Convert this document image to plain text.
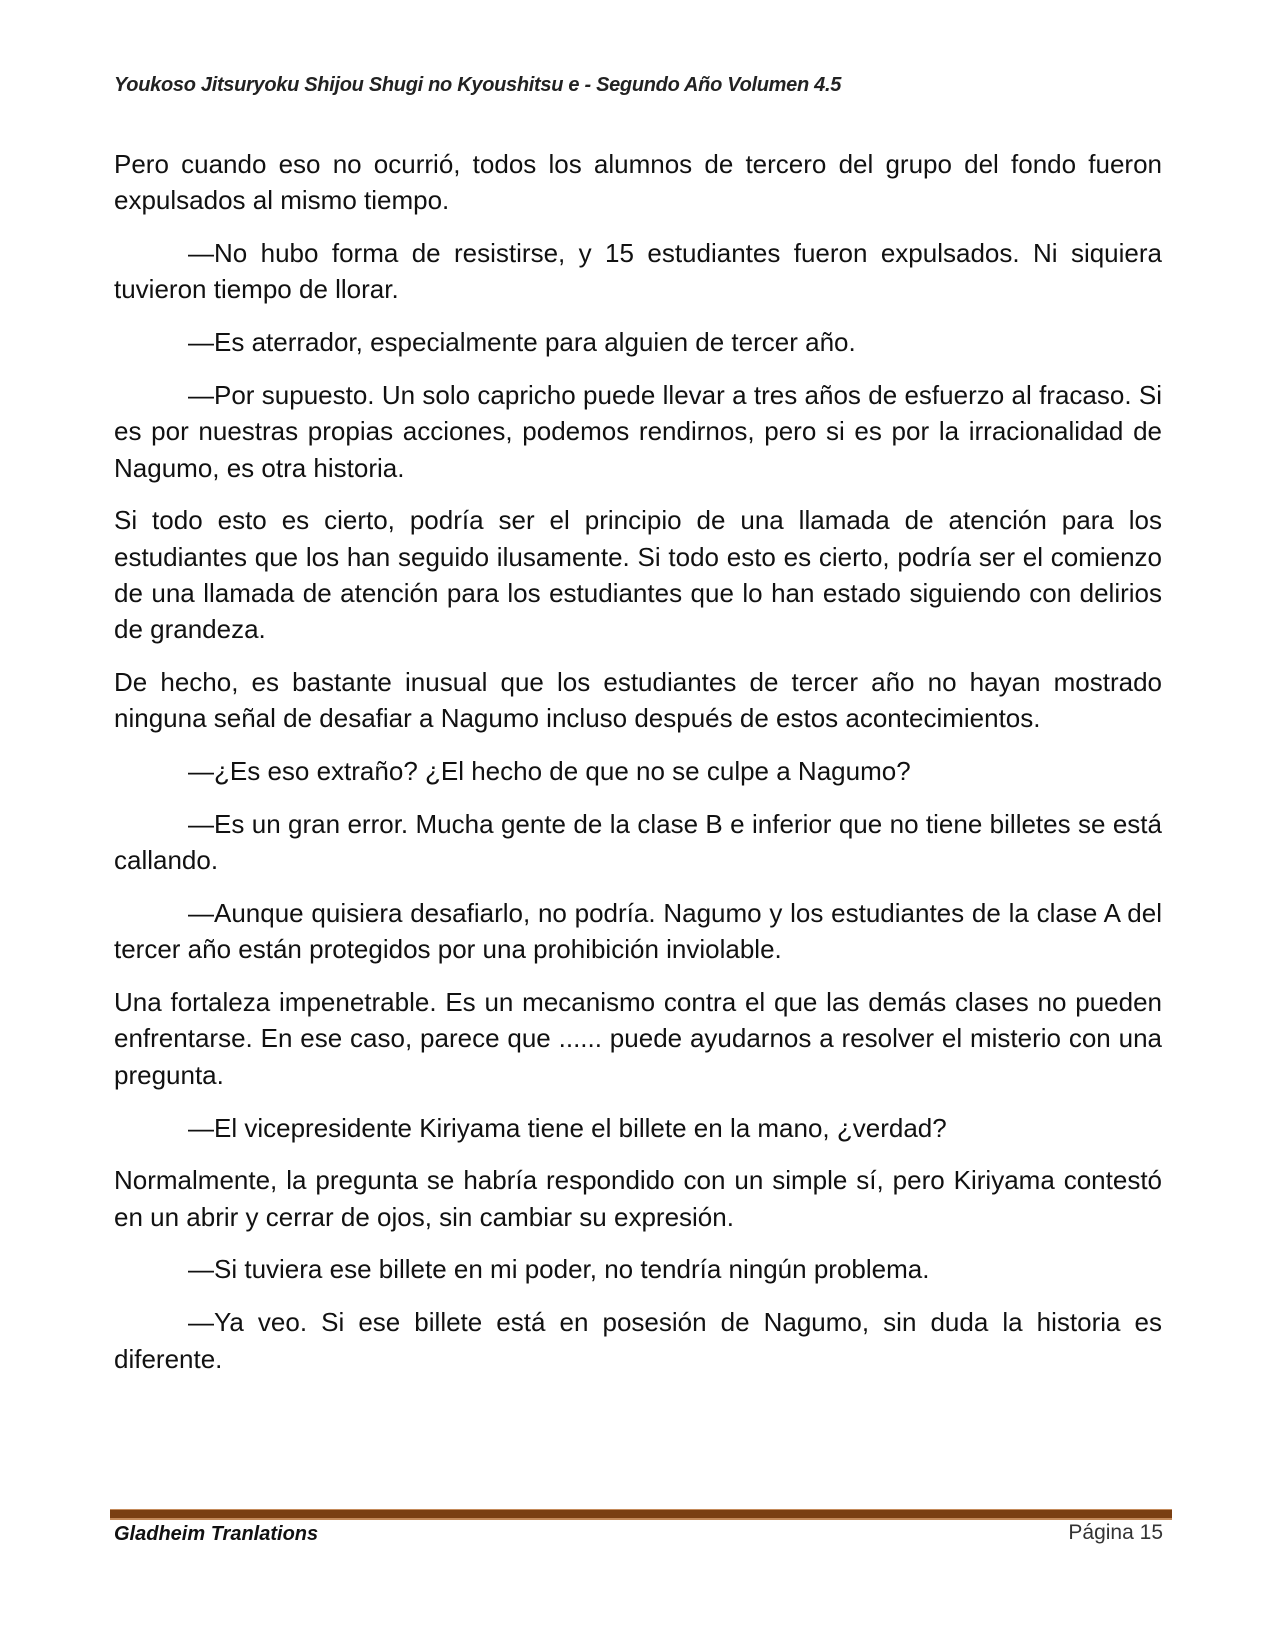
Youkoso Jitsuryoku Shijou Shugi no Kyoushitsu e - Segundo Año Volumen 4.5

Pero cuando eso no ocurrió, todos los alumnos de tercero del grupo del fondo fueron expulsados al mismo tiempo.

—No hubo forma de resistirse, y 15 estudiantes fueron expulsados. Ni siquiera tuvieron tiempo de llorar.

—Es aterrador, especialmente para alguien de tercer año.

—Por supuesto. Un solo capricho puede llevar a tres años de esfuerzo al fracaso. Si es por nuestras propias acciones, podemos rendirnos, pero si es por la irracionalidad de Nagumo, es otra historia.

Si todo esto es cierto, podría ser el principio de una llamada de atención para los estudiantes que los han seguido ilusamente. Si todo esto es cierto, podría ser el comienzo de una llamada de atención para los estudiantes que lo han estado siguiendo con delirios de grandeza.

De hecho, es bastante inusual que los estudiantes de tercer año no hayan mostrado ninguna señal de desafiar a Nagumo incluso después de estos acontecimientos.

—¿Es eso extraño? ¿El hecho de que no se culpe a Nagumo?

—Es un gran error. Mucha gente de la clase B e inferior que no tiene billetes se está callando.

—Aunque quisiera desafiarlo, no podría. Nagumo y los estudiantes de la clase A del tercer año están protegidos por una prohibición inviolable.

Una fortaleza impenetrable. Es un mecanismo contra el que las demás clases no pueden enfrentarse. En ese caso, parece que ...... puede ayudarnos a resolver el misterio con una pregunta.

—El vicepresidente Kiriyama tiene el billete en la mano, ¿verdad?

Normalmente, la pregunta se habría respondido con un simple sí, pero Kiriyama contestó en un abrir y cerrar de ojos, sin cambiar su expresión.

—Si tuviera ese billete en mi poder, no tendría ningún problema.

—Ya veo. Si ese billete está en posesión de Nagumo, sin duda la historia es diferente.

Gladheim Tranlations	Página 15
